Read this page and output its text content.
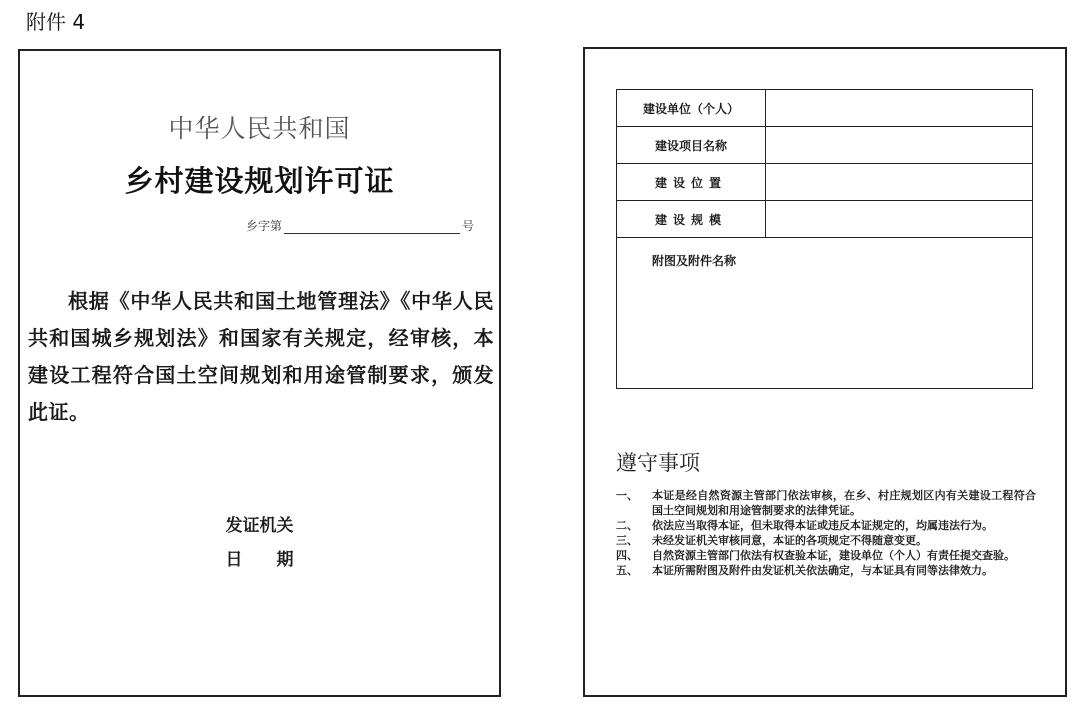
附件 4
中华人民共和国
乡村建设规划许可证
乡字第	号
根据《中华人民共和国土地管理法》《中华人民共和国城乡规划法》和国家有关规定，经审核，本建设工程符合国土空间规划和用途管制要求，颁发此证。
发证机关
日　　期
建设单位（个人）	
建设项目名称	
建设位置	
建设规模	
附图及附件名称	
遵守事项
一、	本证是经自然资源主管部门依法审核，在乡、村庄规划区内有关建设工程符合国土空间规划和用途管制要求的法律凭证。
二、	依法应当取得本证，但未取得本证或违反本证规定的，均属违法行为。
三、	未经发证机关审核同意，本证的各项规定不得随意变更。
四、	自然资源主管部门依法有权查验本证，建设单位（个人）有责任提交查验。
五、	本证所需附图及附件由发证机关依法确定，与本证具有同等法律效力。
